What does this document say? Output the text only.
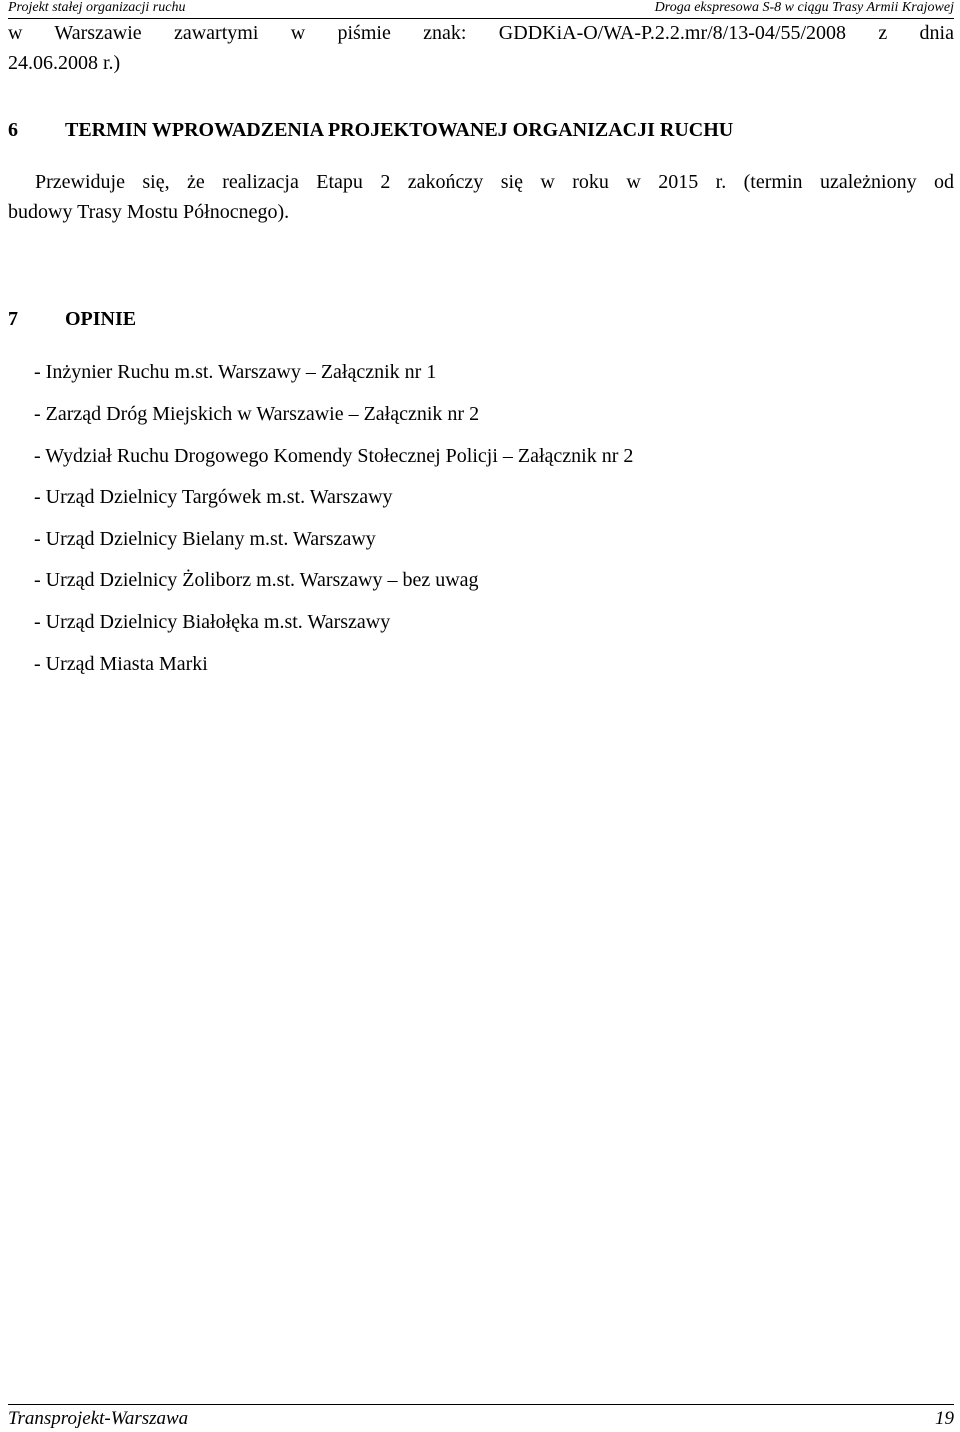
Projekt stałej organizacji ruchu	Droga ekspresowa S-8 w ciągu Trasy Armii Krajowej
w Warszawie zawartymi w piśmie znak: GDDKiA-O/WA-P.2.2.mr/8/13-04/55/2008 z dnia
24.06.2008 r.)
6 TERMIN WPROWADZENIA PROJEKTOWANEJ ORGANIZACJI RUCHU
Przewiduje się, że realizacja Etapu 2 zakończy się w roku w 2015 r. (termin uzależniony od
budowy Trasy Mostu Północnego).
7 OPINIE
- Inżynier Ruchu m.st. Warszawy – Załącznik nr 1
- Zarząd Dróg Miejskich w Warszawie – Załącznik nr 2
- Wydział Ruchu Drogowego Komendy Stołecznej Policji – Załącznik nr 2
- Urząd Dzielnicy Targówek m.st. Warszawy
- Urząd Dzielnicy Bielany m.st. Warszawy
- Urząd Dzielnicy Żoliborz m.st. Warszawy – bez uwag
- Urząd Dzielnicy Białołęka m.st. Warszawy
- Urząd Miasta Marki
Transprojekt-Warszawa	19
